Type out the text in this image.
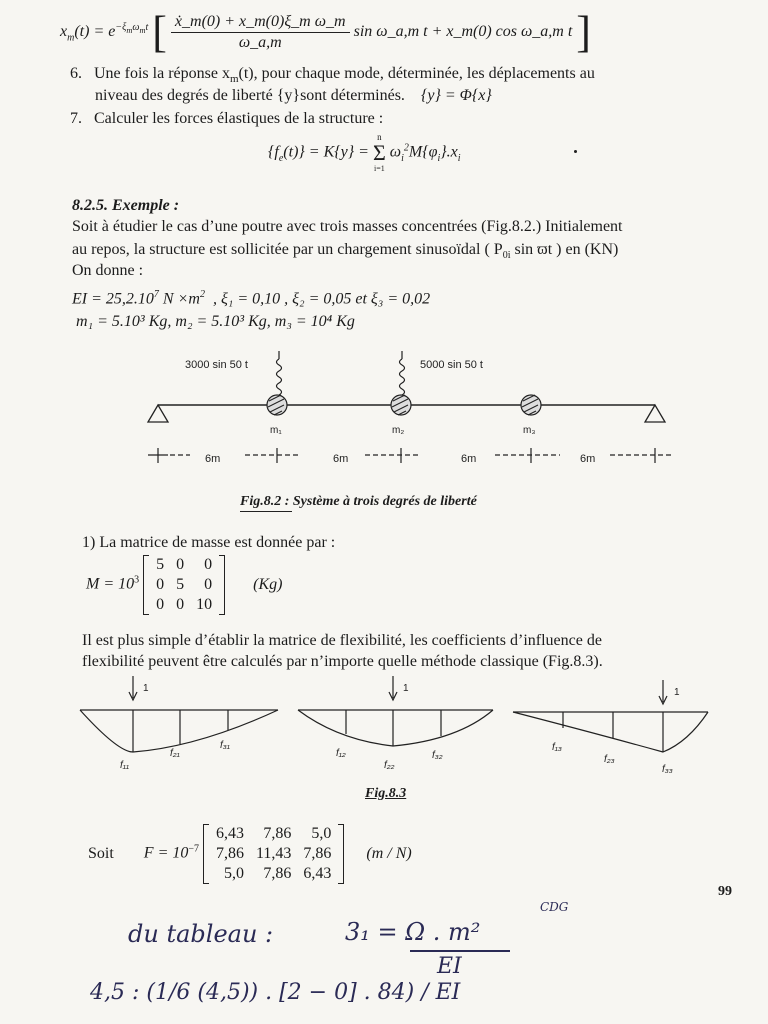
$x_m(t) = e^{-\xi_m\omega_mt}$ [ $\frac{\text{ẋ\_m(0) + x\_m(0)ξ\_m ω\_m}}{\omega\_a,m}$ sin ω_a,m t + x_m(0) cos ω_a,m t ]
6. Une fois la réponse $x_m(t)$, pour chaque mode, déterminée, les déplacements au
niveau des degrés de liberté {y}sont déterminés. {y} = Φ{x}
7. Calculer les forces élastiques de la structure :
$\{f_e(t)\} = K\{y\}$ =
n
Σ
i=1
$\omega_i^2M\{\varphi_i\}.x_i$
8.2.5. Exemple :
Soit à étudier le cas d’une poutre avec trois masses concentrées (Fig.8.2.) Initialement
au repos, la structure est sollicitée par un chargement sinusoïdal ( $P_{0i}$ sin ϖt ) en (KN)
On donne :
EI = $25,2.10^7$ $N \times m^2$ , ξ₁ = 0,10 , ξ₂ = 0,05 et ξ₃ = 0,02
m₁ = 5.10³ Kg, m₂ = 5.10³ Kg, m₃ = 10⁴ Kg
3000 sin 50 t	5000 sin 50 t
m₁	m₂	m₃
6m	6m	6m	6m
Fig.8.2 : Système à trois degrés de liberté
1) La matrice de masse est donnée par :
$M = 10^3$
5	0	0
0	5	0
0	0	10
(Kg)
Il est plus simple d’établir la matrice de flexibilité, les coefficients d’influence de
flexibilité peuvent être calculés par n’importe quelle méthode classique (Fig.8.3).
1	1	1
f₁₁
f₂₁
f₃₁
f₁₂
f₂₂
f₃₂
f₁₃
f₂₃
f₃₃
Fig.8.3
Soit $F = 10^{-7}$
6,43	7,86	5,0
7,86	11,43	7,86
5,0	7,86	6,43
(m / N)
99
du tableau :	3₁ = Ω . m²
EI
CDG
4,5 : (1/6 (4,5)) . [2 − 0] . 84) / EI
